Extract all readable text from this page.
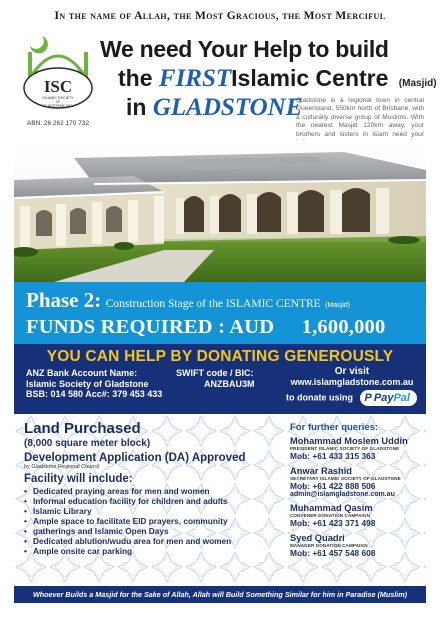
In the name of Allah, the Most Gracious, the Most Merciful
ISC
ISLAMIC SOCIETY
OF
GLADSTONE INC.
ABN: 26 262 170 732
We need Your Help to build
the FIRSTIslamic Centre (Masjid)
in GLADSTONE
Gladstone is a regional town in central Queensland, 550km north of Brisbane, with a culturally diverse group of Muslims. With the nearest Masjid 120km away, your brothers and sisters in Islam need your
Phase 2: Construction Stage of the ISLAMIC CENTRE (Masjid)
FUNDS REQUIRED : AUD 1,600,000
YOU CAN HELP BY DONATING GENEROUSLY
ANZ Bank Account Name:
Islamic Society of Gladstone
BSB: 014 580 Acc#: 379 453 433
SWIFT code / BIC:
ANZBAU3M
Or visit
www.islamgladstone.com.au
to donate using P PayPal
Land Purchased
(8,000 square meter block)
Development Application (DA) Approved
by Gladstone Regional Council
Facility will include:
• Dedicated praying areas for men and women
• Informal education facility for children and adults
• Islamic Library
• Ample space to facilitate EID prayers, community
• gatherings and Islamic Open Days
• Dedicated ablution/wudu area for men and women
• Ample onsite car parking
For further queries:
Mohammad Moslem Uddin
PRESIDENT ISLAMIC SOCIETY OF GLADSTONE
Mob: +61 433 315 363
Anwar Rashid
SECRETARY ISLAMIC SOCIETY OF GLADSTONE
Mob: +61 422 888 506
admin@islamgladstone.com.au
Muhammad Qasim
CONVENER DONATION CAMPAIGN
Mob: +61 423 371 498
Syed Quadri
MANAGER DONATION CAMPAIGN
Mob: +61 457 548 608
Whoever Builds a Masjid for the Sake of Allah, Allah will Build Something Similar for him in Paradise (Muslim)
